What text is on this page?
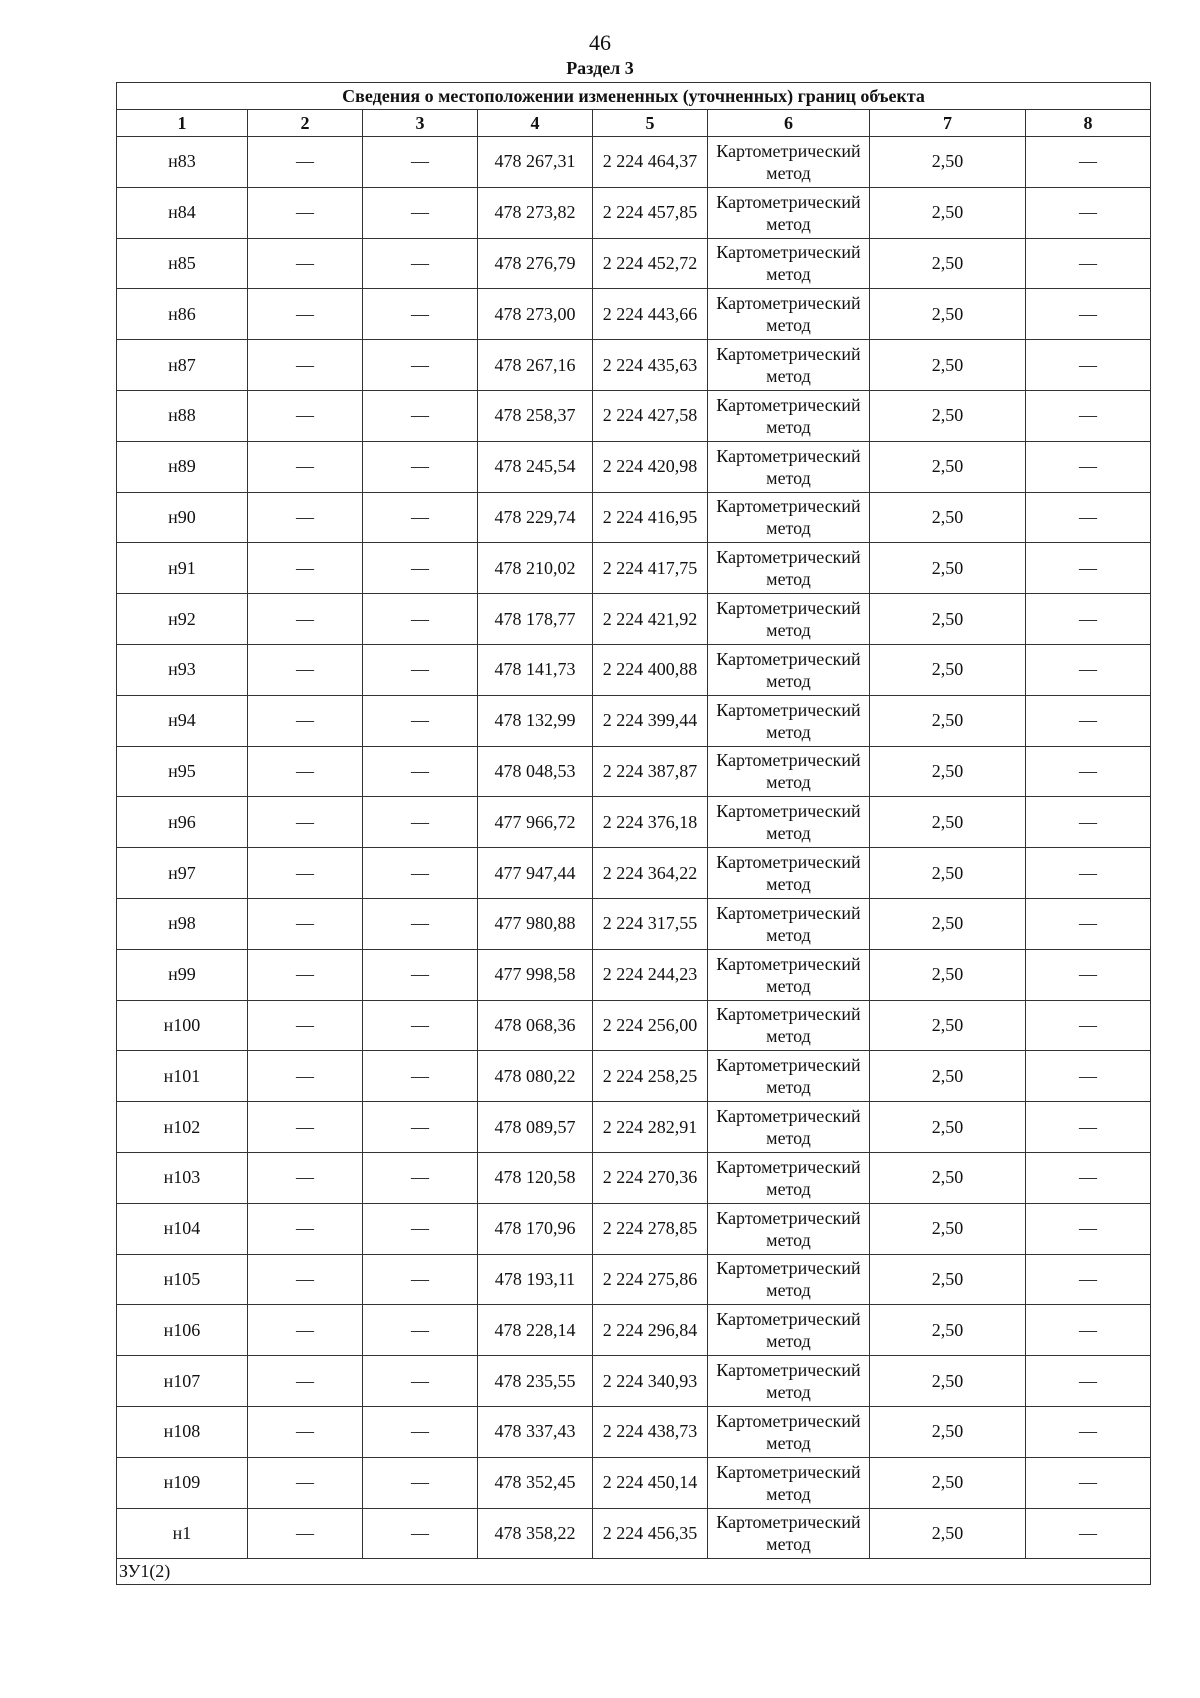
46
Раздел 3
Сведения о местоположении измененных (уточненных) границ объекта							
1	2	3	4	5	6	7	8
н83	—	—	478 267,31	2 224 464,37	Картометрический метод	2,50	—
н84	—	—	478 273,82	2 224 457,85	Картометрический метод	2,50	—
н85	—	—	478 276,79	2 224 452,72	Картометрический метод	2,50	—
н86	—	—	478 273,00	2 224 443,66	Картометрический метод	2,50	—
н87	—	—	478 267,16	2 224 435,63	Картометрический метод	2,50	—
н88	—	—	478 258,37	2 224 427,58	Картометрический метод	2,50	—
н89	—	—	478 245,54	2 224 420,98	Картометрический метод	2,50	—
н90	—	—	478 229,74	2 224 416,95	Картометрический метод	2,50	—
н91	—	—	478 210,02	2 224 417,75	Картометрический метод	2,50	—
н92	—	—	478 178,77	2 224 421,92	Картометрический метод	2,50	—
н93	—	—	478 141,73	2 224 400,88	Картометрический метод	2,50	—
н94	—	—	478 132,99	2 224 399,44	Картометрический метод	2,50	—
н95	—	—	478 048,53	2 224 387,87	Картометрический метод	2,50	—
н96	—	—	477 966,72	2 224 376,18	Картометрический метод	2,50	—
н97	—	—	477 947,44	2 224 364,22	Картометрический метод	2,50	—
н98	—	—	477 980,88	2 224 317,55	Картометрический метод	2,50	—
н99	—	—	477 998,58	2 224 244,23	Картометрический метод	2,50	—
н100	—	—	478 068,36	2 224 256,00	Картометрический метод	2,50	—
н101	—	—	478 080,22	2 224 258,25	Картометрический метод	2,50	—
н102	—	—	478 089,57	2 224 282,91	Картометрический метод	2,50	—
н103	—	—	478 120,58	2 224 270,36	Картометрический метод	2,50	—
н104	—	—	478 170,96	2 224 278,85	Картометрический метод	2,50	—
н105	—	—	478 193,11	2 224 275,86	Картометрический метод	2,50	—
н106	—	—	478 228,14	2 224 296,84	Картометрический метод	2,50	—
н107	—	—	478 235,55	2 224 340,93	Картометрический метод	2,50	—
н108	—	—	478 337,43	2 224 438,73	Картометрический метод	2,50	—
н109	—	—	478 352,45	2 224 450,14	Картометрический метод	2,50	—
н1	—	—	478 358,22	2 224 456,35	Картометрический метод	2,50	—
ЗУ1(2)							
